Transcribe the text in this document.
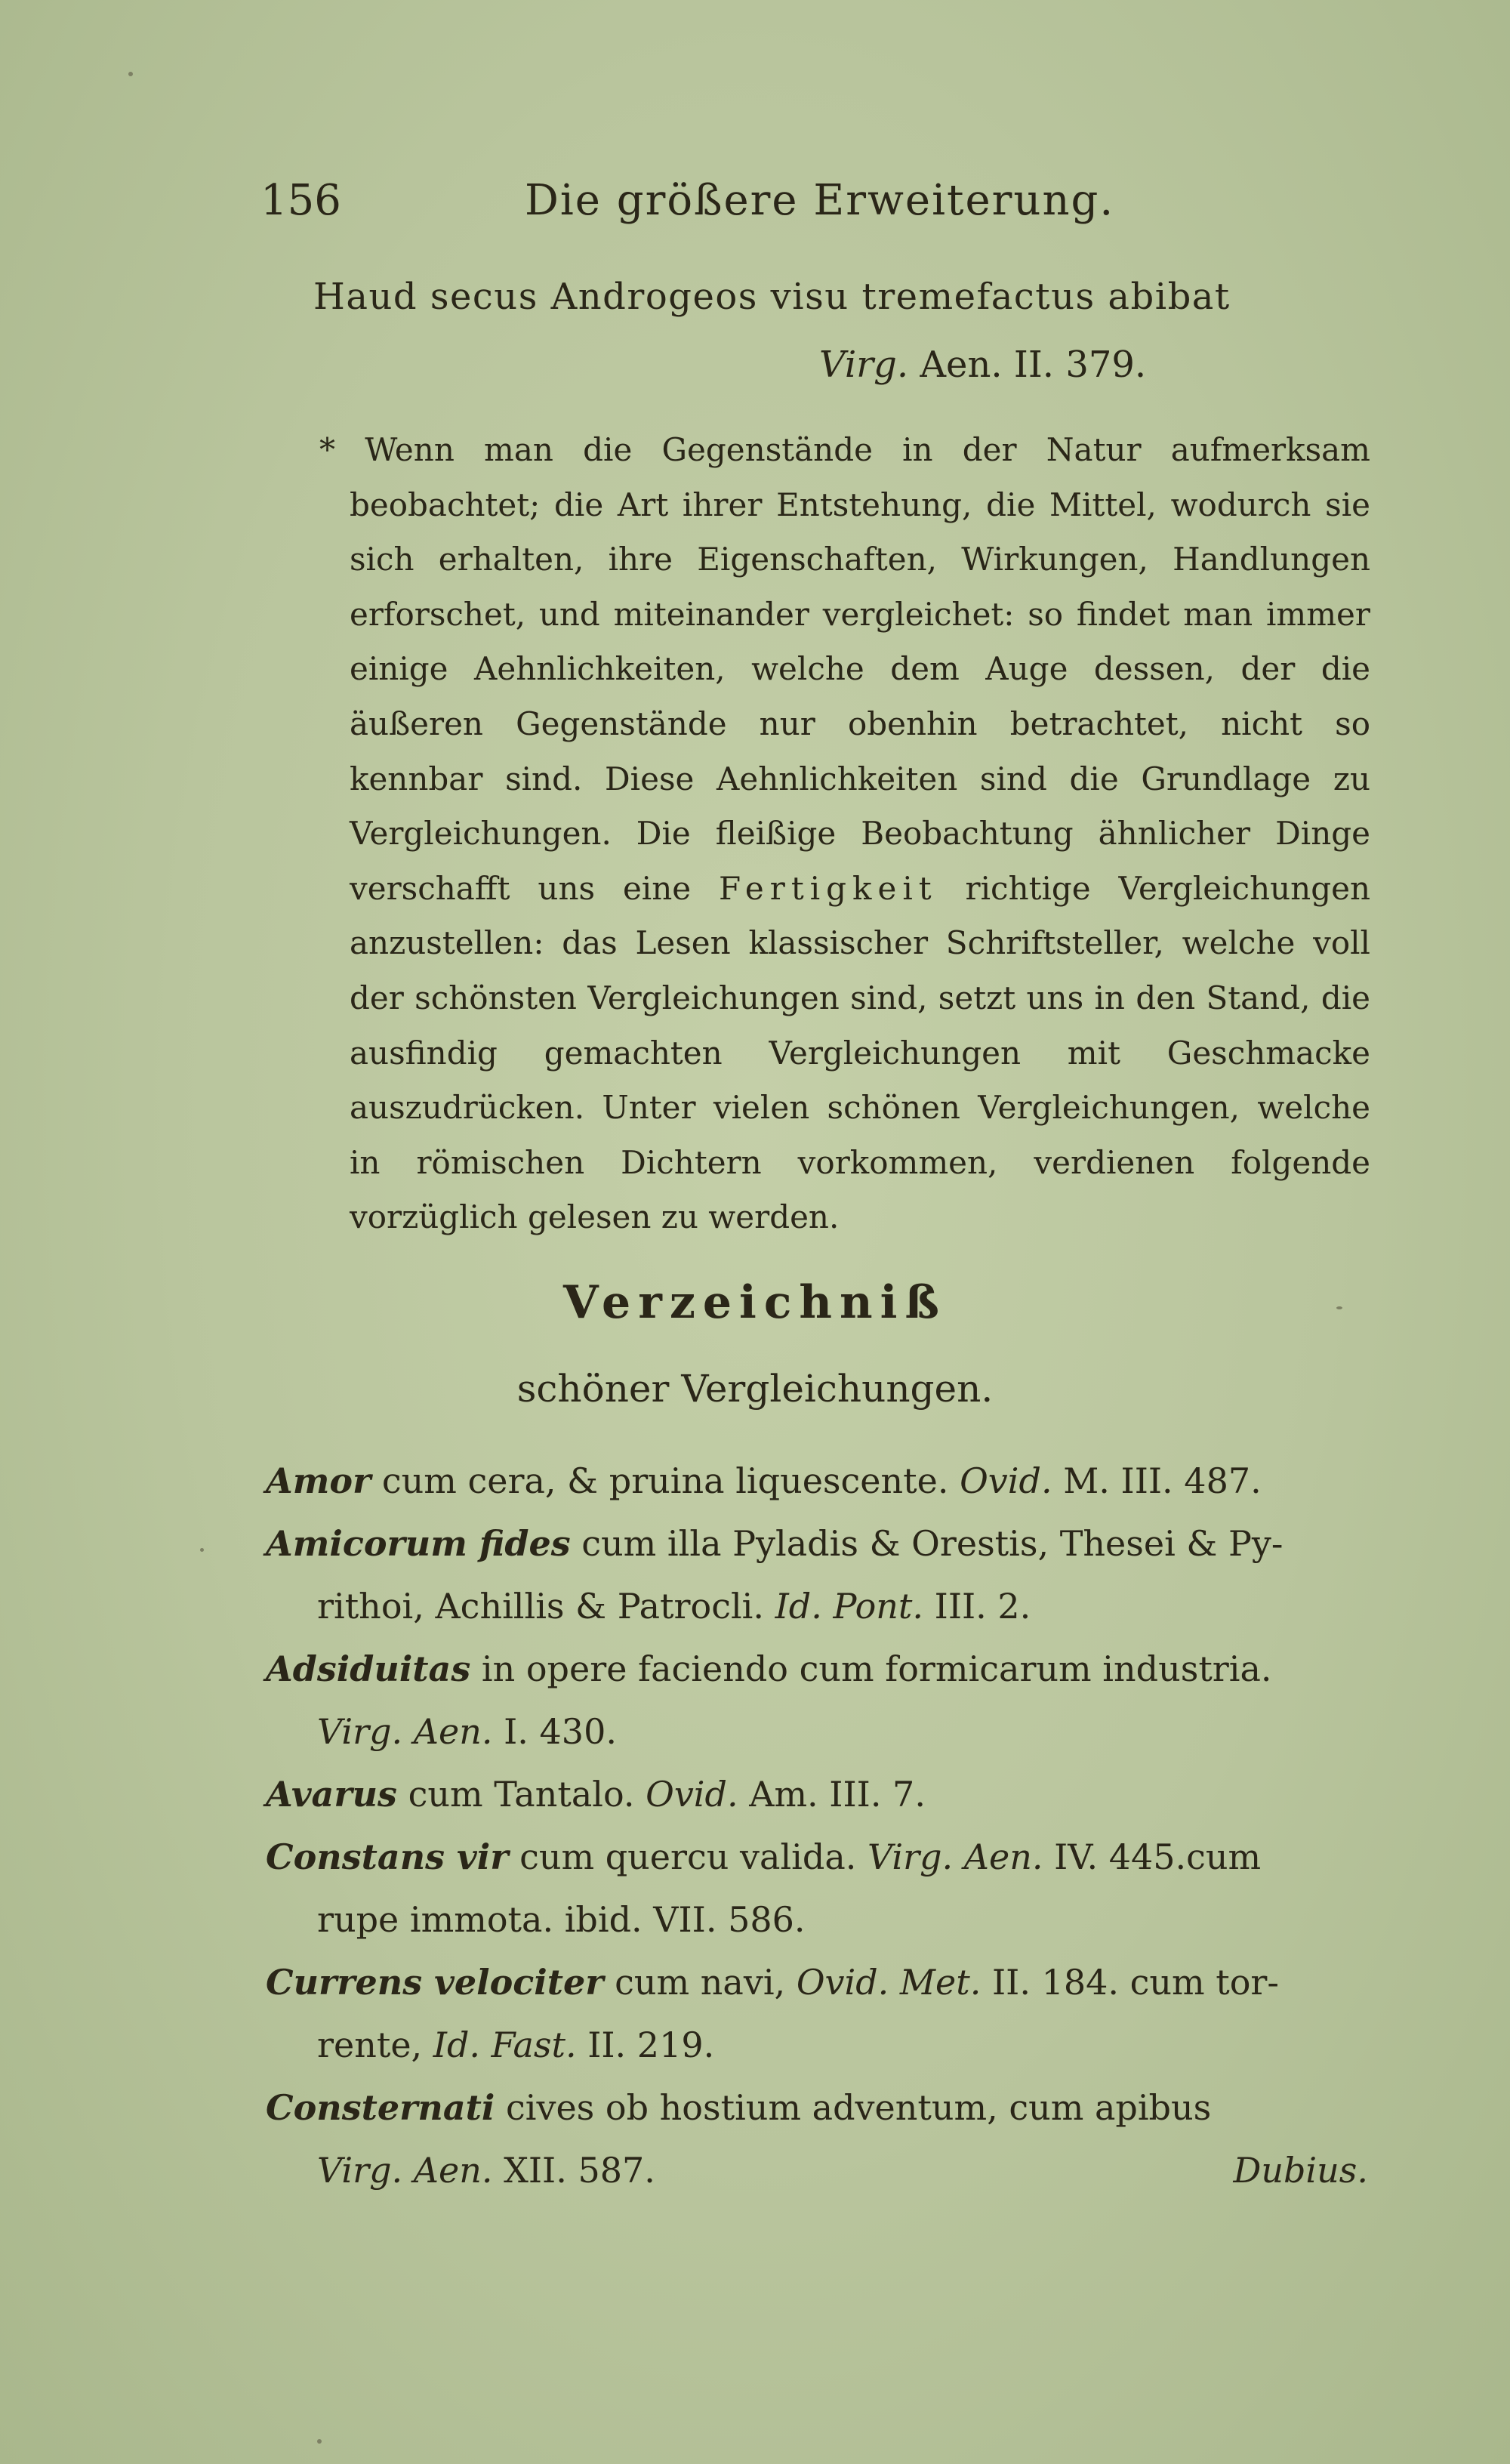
156	Die größere Erweiterung.
Haud secus Androgeos visu tremefactus abibat
Virg. Aen. II. 379.

* Wenn man die Gegenstände in der Natur aufmerksam beobachtet; die Art ihrer Entstehung, die Mittel, wodurch sie sich erhalten, ihre Eigenschaften, Wirkungen, Handlungen erforschet, und miteinander vergleichet: so findet man immer einige Aehnlichkeiten, welche dem Auge dessen, der die äußeren Gegenstände nur obenhin betrachtet, nicht so kennbar sind. Diese Aehnlichkeiten sind die Grundlage zu Vergleichungen. Die fleißige Beobachtung ähnlicher Dinge verschafft uns eine Fertigkeit richtige Vergleichungen anzustellen: das Lesen klassischer Schriftsteller, welche voll der schönsten Vergleichungen sind, setzt uns in den Stand, die ausfindig gemachten Vergleichungen mit Geschmacke auszudrücken. Unter vielen schönen Vergleichungen, welche in römischen Dichtern vorkommen, verdienen folgende vorzüglich gelesen zu werden.

Verzeichniß
schöner Vergleichungen.
Amor cum cera, & pruina liquescente. Ovid. M. III. 487.
Amicorum fides cum illa Pyladis & Orestis, Thesei & Py-
rithoi, Achillis & Patrocli. Id. Pont. III. 2.
Adsiduitas in opere faciendo cum formicarum industria.
Virg. Aen. I. 430.
Avarus cum Tantalo. Ovid. Am. III. 7.
Constans vir cum quercu valida. Virg. Aen. IV. 445.cum
rupe immota. ibid. VII. 586.
Currens velociter cum navi, Ovid. Met. II. 184. cum tor-
rente, Id. Fast. II. 219.
Consternati cives ob hostium adventum, cum apibus
Virg. Aen. XII. 587.	Dubius.
